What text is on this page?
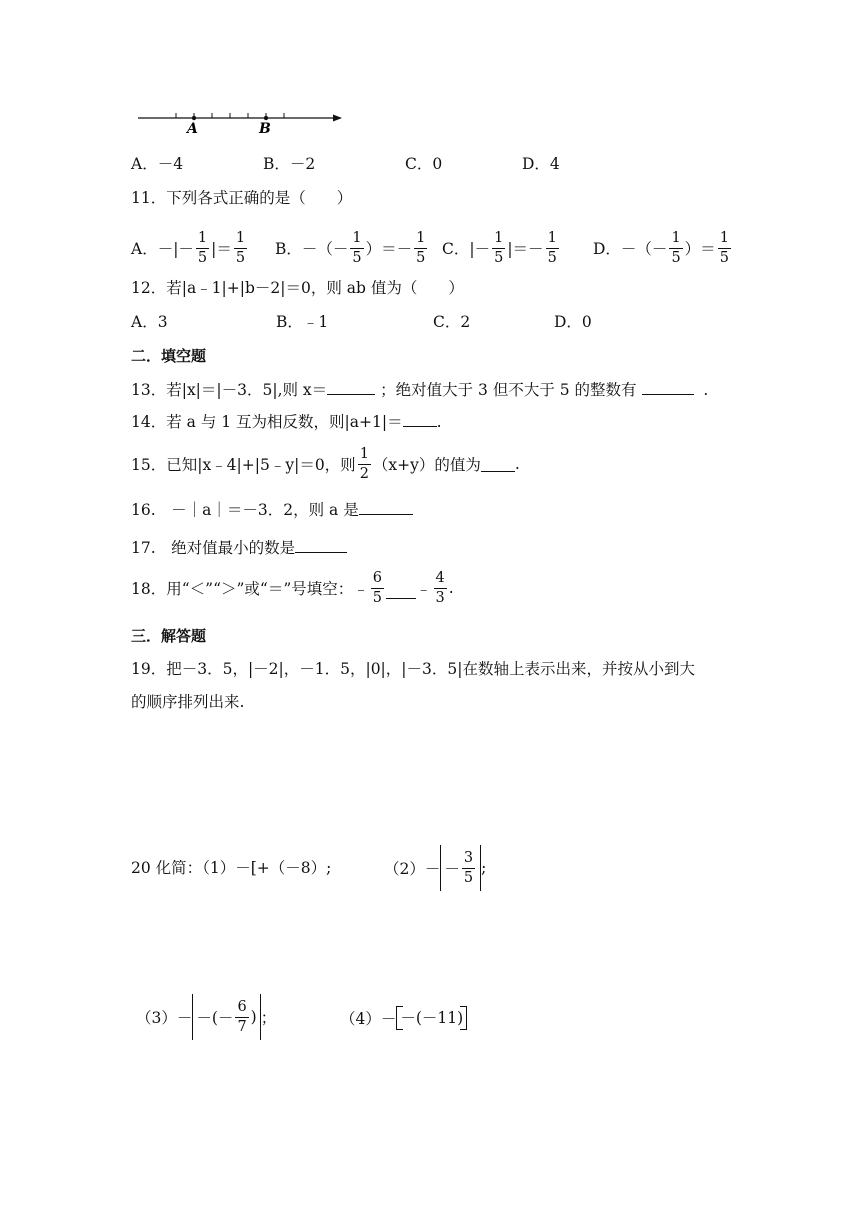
A	B
A．－4	B．－2	C．0	D．4
11．下列各式正确的是（　　）
A．－|－ $\frac{1}{5}$ |＝ $\frac{1}{5}$ B．－（－ $\frac{1}{5}$ ）＝－ $\frac{1}{5}$ C．|－ $\frac{1}{5}$ |＝－ $\frac{1}{5}$ D．－（－ $\frac{1}{5}$ ）＝ $\frac{1}{5}$
12．若|a﹣1|+|b－2|＝0，则 ab 值为（　　）
A．3	B．﹣1	C．2	D．0
二．填空题
13．若|x|＝|－3．5|,则 x＝	；绝对值大于 3 但不大于 5 的整数有	.
14．若 a 与 1 互为相反数，则|a+1|＝ .
15．已知|x﹣4|+|5﹣y|＝0，则 $\frac{1}{2} (x+y)$的值为 .
16.　－｜a｜＝－3．2，则 a 是
17.　绝对值最小的数是
18．用“＜”“＞”或“＝”号填空：﹣ $\frac{6}{5}$ ﹣ $\frac{4}{3}$ .
三．解答题
19．把－3．5，|－2|，－1．5，|0|，|－3．5|在数轴上表示出来，并按从小到大
的顺序排列出来.
20 化简：（1）－[+（－8）;	$(2)- - \frac{3}{5}$ ;
（3）－ －(－ $\frac{6}{7}$ ) ；	（4）－ －(－11)
